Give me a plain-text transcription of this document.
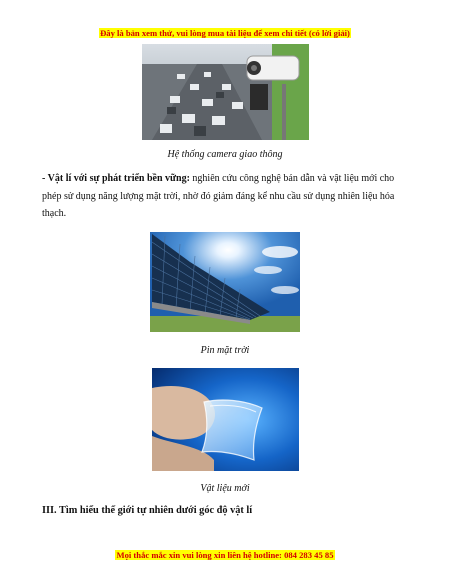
Đây là bản xem thử, vui lòng mua tài liệu để xem chi tiết (có lời giải)
Hệ thống camera giao thông
- Vật lí với sự phát triển bền vững: nghiên cứu công nghệ bán dẫn và vật liệu mới cho phép sử dụng năng lượng mặt trời, nhờ đó giảm đáng kể nhu cầu sử dụng nhiên liệu hóa thạch.
Pin mặt trời
Vật liệu mới
III. Tìm hiểu thế giới tự nhiên dưới góc độ vật lí
Mọi thắc mắc xin vui lòng xin liên hệ hotline: 084 283 45 85
